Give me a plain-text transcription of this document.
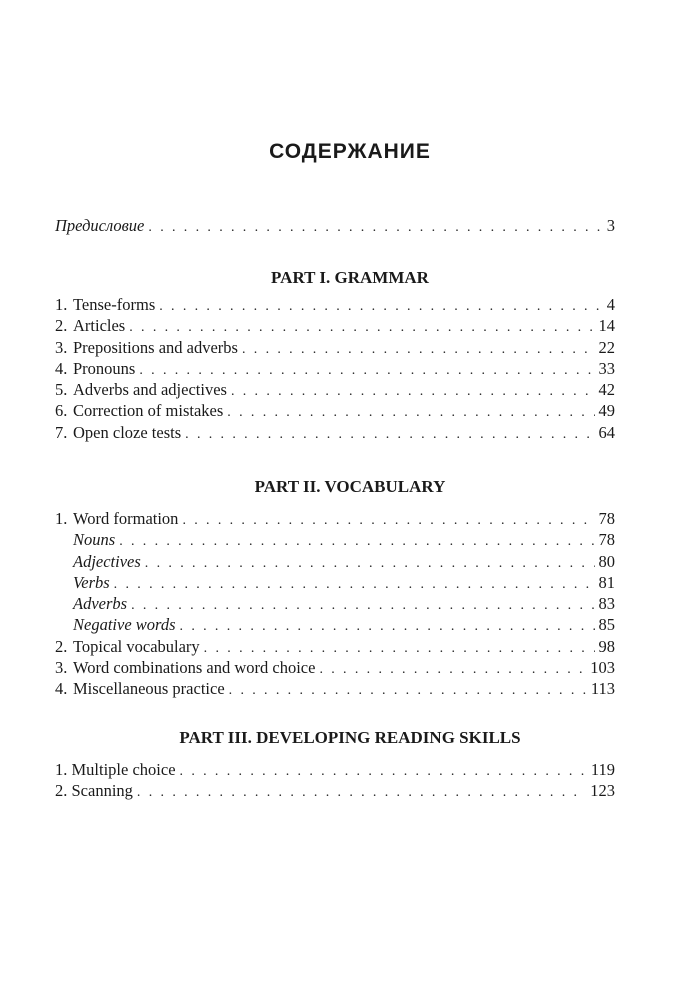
СОДЕРЖАНИЕ
Предисловие . . .	3
PART I. GRAMMAR
1. Tense-forms . . .	4
2. Articles . . .	14
3. Prepositions and adverbs . . .	22
4. Pronouns . . .	33
5. Adverbs and adjectives . . .	42
6. Correction of mistakes . . .	49
7. Open cloze tests . . .	64
PART II. VOCABULARY
1. Word formation . . .	78
Nouns . . .	78
Adjectives . . .	80
Verbs . . .	81
Adverbs . . .	83
Negative words . . .	85
2. Topical vocabulary . . .	98
3. Word combinations and word choice . . .	103
4. Miscellaneous practice . . .	113
PART III. DEVELOPING READING SKILLS
1. Multiple choice . . .	119
2. Scanning . . .	123
